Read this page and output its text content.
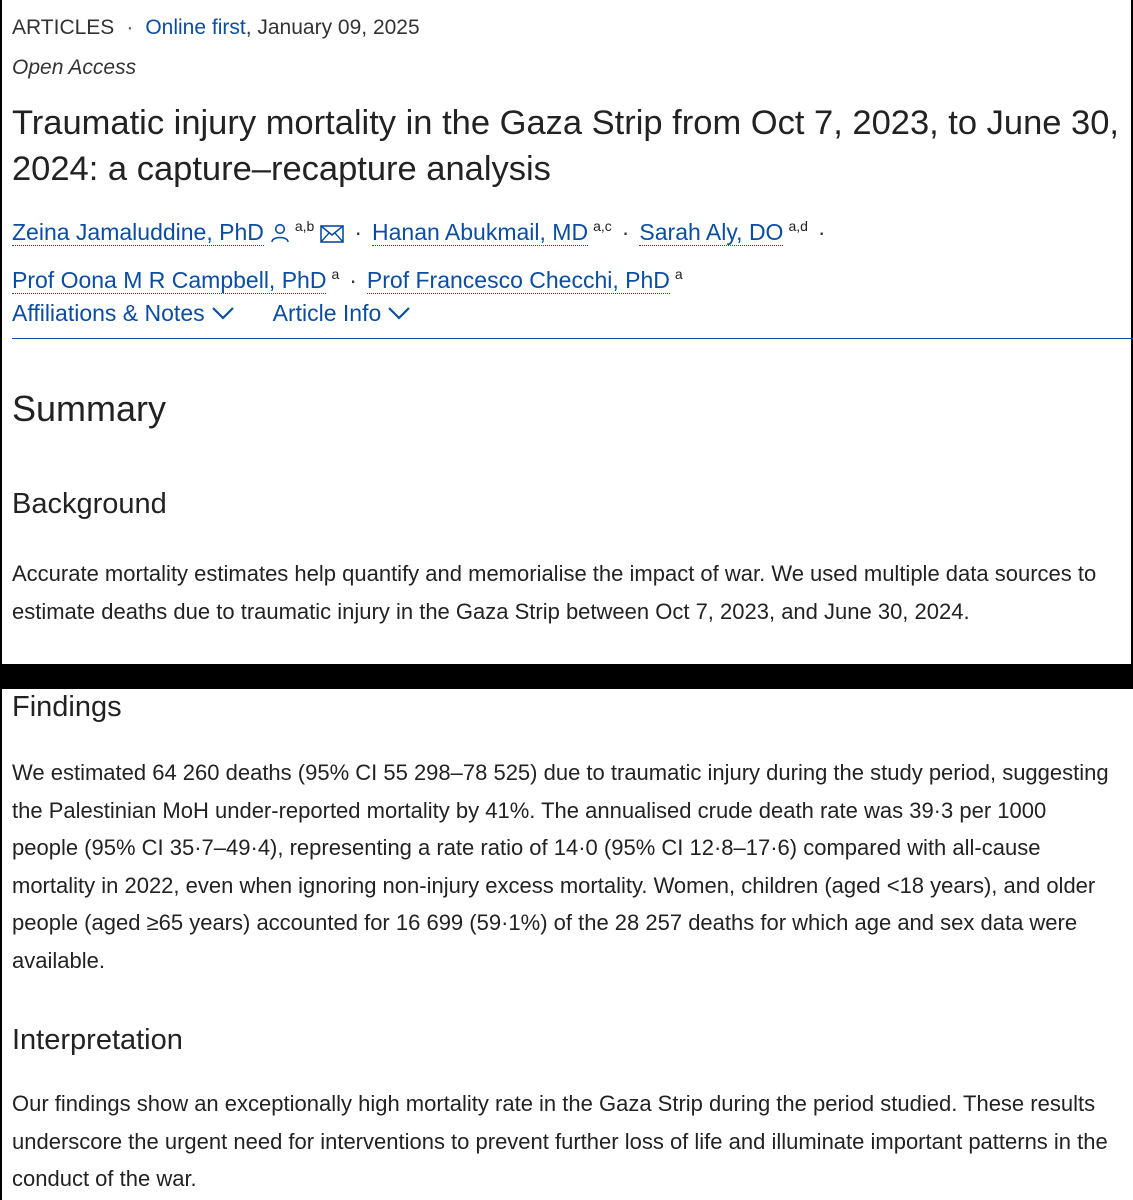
ARTICLES · Online first, January 09, 2025
Open Access
Traumatic injury mortality in the Gaza Strip from Oct 7, 2023, to June 30, 2024: a capture–recapture analysis
Zeina Jamaluddine, PhD $^{a,b}$ · Hanan Abukmail, MD $^{a,c}$ · Sarah Aly, DO $^{a,d}$ ·
Prof Oona M R Campbell, PhD $^a$ · Prof Francesco Checchi, PhD $^a$
Affiliations & Notes	Article Info
Summary
Background

Accurate mortality estimates help quantify and memorialise the impact of war. We used multiple data sources to estimate deaths due to traumatic injury in the Gaza Strip between Oct 7, 2023, and June 30, 2024.

Findings

We estimated 64 260 deaths (95% CI 55 298–78 525) due to traumatic injury during the study period, suggesting the Palestinian MoH under-reported mortality by 41%. The annualised crude death rate was 39·3 per 1000 people (95% CI 35·7–49·4), representing a rate ratio of 14·0 (95% CI 12·8–17·6) compared with all-cause mortality in 2022, even when ignoring non-injury excess mortality. Women, children (aged <18 years), and older people (aged ≥65 years) accounted for 16 699 (59·1%) of the 28 257 deaths for which age and sex data were available.

Interpretation

Our findings show an exceptionally high mortality rate in the Gaza Strip during the period studied. These results underscore the urgent need for interventions to prevent further loss of life and illuminate important patterns in the conduct of the war.
